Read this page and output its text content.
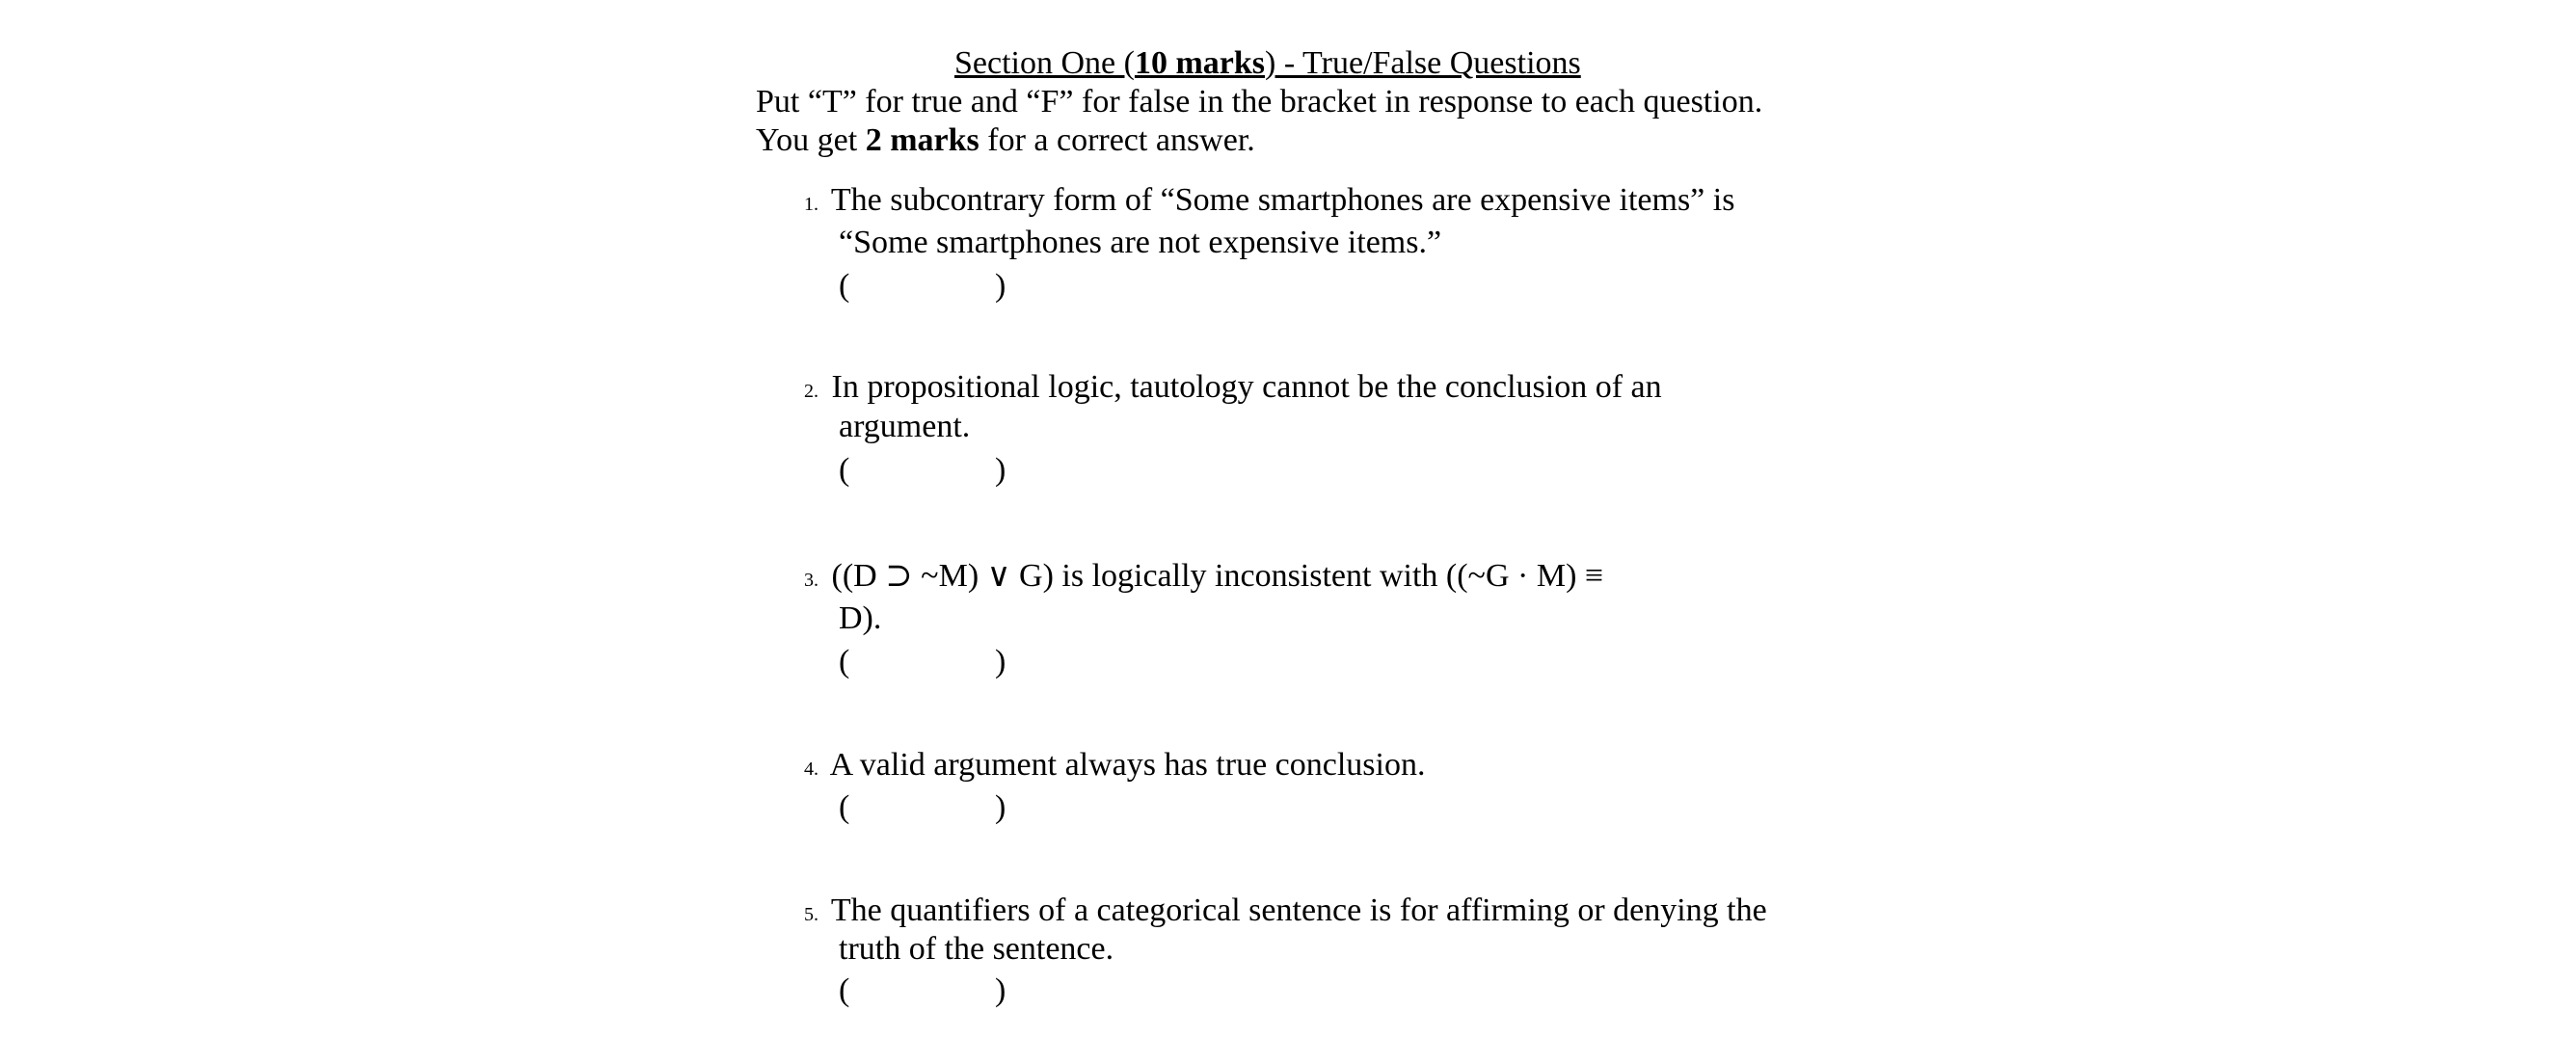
Section One (10 marks) - True/False Questions
Put “T” for true and “F” for false in the bracket in response to each question.
You get 2 marks for a correct answer.
1. The subcontrary form of “Some smartphones are expensive items” is
“Some smartphones are not expensive items.”
(	)
2. In propositional logic, tautology cannot be the conclusion of an
argument.
(	)
3. ((D ⊃ ~M) ∨ G) is logically inconsistent with ((~G · M) ≡
D).
(	)
4. A valid argument always has true conclusion.
(	)
5. The quantifiers of a categorical sentence is for affirming or denying the
truth of the sentence.
(	)
